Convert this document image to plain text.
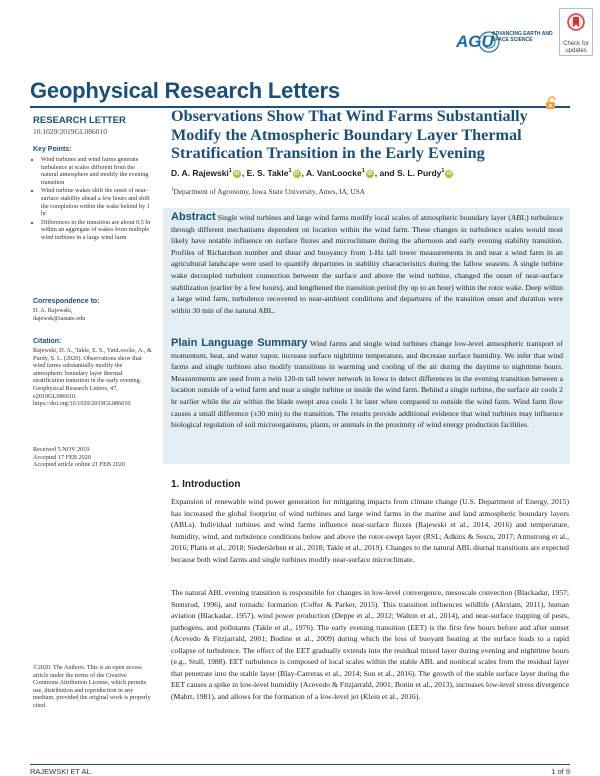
Check for updates
AGU
ADVANCING EARTH AND SPACE SCIENCE
Geophysical Research Letters
RESEARCH LETTER
10.1029/2019GL086010
Key Points:
• Wind turbines and wind farms generate turbulence at scales different from the natural atmosphere and modify the evening transition
• Wind turbine wakes shift the onset of near-surface stability ahead a few hours and shift the completion within the wake behind by 1 hr
• Differences in the transition are about 0.5 hr within an aggregate of wakes from multiple wind turbines in a large wind farm
Correspondence to:
D. A. Rajewski,
dajewsk@iastate.edu
Citation:
Rajewski, D. A., Takle, E. S., VanLoocke, A., & Purdy, S. L. (2020). Observations show that wind farms substantially modify the atmospheric boundary layer thermal stratification transition in the early evening. Geophysical Research Letters, 47, e2019GL086010. https://doi.org/10.1029/2019GL086010
Received 5 NOV 2019
Accepted 17 FEB 2020
Accepted article online 21 FEB 2020
©2020. The Authors. This is an open access article under the terms of the Creative Commons Attribution License, which permits use, distribution and reproduction in any medium, provided the original work is properly cited.
Observations Show That Wind Farms Substantially Modify the Atmospheric Boundary Layer Thermal Stratification Transition in the Early Evening
D. A. Rajewski$^1$ iD , E. S. Takle$^1$ iD , A. VanLoocke$^1$ iD , and S. L. Purdy$^1$ iD
$^1$Department of Agronomy, Iowa State University, Ames, IA, USA

Abstract Single wind turbines and large wind farms modify local scales of atmospheric boundary layer (ABL) turbulence through different mechanisms dependent on location within the wind farm. These changes in turbulence scales would most likely have notable influence on surface fluxes and microclimate during the afternoon and early evening stability transition. Profiles of Richardson number and shear and buoyancy from 1-Hz tall tower measurements in and near a wind farm in an agricultural landscape were used to quantify departures in stability characteristics during the fallow seasons. A single turbine wake decoupled turbulent connection between the surface and above the wind turbine, changed the onset of near-surface stabilization (earlier by a few hours), and lengthened the transition period (by up to an hour) within the rotor wake. Deep within a large wind farm, turbulence recovered to near-ambient conditions and departures of the transition onset and duration were within 30 min of the natural ABL.

Plain Language Summary Wind farms and single wind turbines change low-level atmospheric transport of momentum, heat, and water vapor, increase surface nighttime temperature, and decrease surface humidity. We infer that wind farms and single turbines also modify transitions in warming and cooling of the air during the daytime to nighttime hours. Measurements are used from a twin 120-m tall tower network in Iowa to detect differences in the evening transition between a location outside of a wind farm and near a single turbine or inside the wind farm. Behind a single turbine, the surface air cools 2 hr earlier while the air within the blade swept area cools 1 hr later when compared to outside the wind farm. Wind farm flow causes a small difference (±30 min) to the transition. The results provide additional evidence that wind turbines may influence biological regulation of soil microorganisms, plants, or animals in the proximity of wind energy production facilities.

1. Introduction

Expansion of renewable wind power generation for mitigating impacts from climate change (U.S. Department of Energy, 2015) has increased the global footprint of wind turbines and large wind farms in the marine and land atmospheric boundary layers (ABLs). Individual turbines and wind farms influence near-surface fluxes (Rajewski et al., 2014, 2016) and temperature, humidity, wind, and turbulence conditions below and above the rotor-swept layer (RSL; Adkins & Sescu, 2017; Armstrong et al., 2016; Platis et al., 2018; Siedersleben et al., 2018; Takle et al., 2019). Changes to the natural ABL diurnal transitions are expected because both wind farms and single turbines modify near-surface microclimate.

The natural ABL evening transition is responsible for changes in low-level convergence, mesoscale convection (Blackadar, 1957; Stensrud, 1996), and tornadic formation (Coffer & Parker, 2015). This transition influences wildlife (Akrstam, 2011), human aviation (Blackadar, 1957), wind power production (Deppe et al., 2012; Walton et al., 2014), and near-surface trapping of pests, pathogens, and pollutants (Takle et al., 1976). The early evening transition (EET) is the first few hours before and after sunset (Acevedo & Fitzjarrald, 2001; Bodine et al., 2009) during which the loss of buoyant heating at the surface leads to a rapid collapse of turbulence. The effect of the EET gradually extends into the residual mixed layer during evening and nighttime hours (e.g., Stull, 1988). EET turbulence is composed of local scales within the stable ABL and nonlocal scales from the residual layer that penetrate into the stable layer (Blay-Carreras et al., 2014; Sun et al., 2016). The growth of the stable surface layer during the EET causes a spike in low-level humidity (Acevedo & Fitzjarrald, 2001; Bonin et al., 2013), increases low-level stress divergence (Mahrt, 1981), and allows for the formation of a low-level jet (Klein et al., 2016).

RAJEWSKI ET AL.	1 of 9
